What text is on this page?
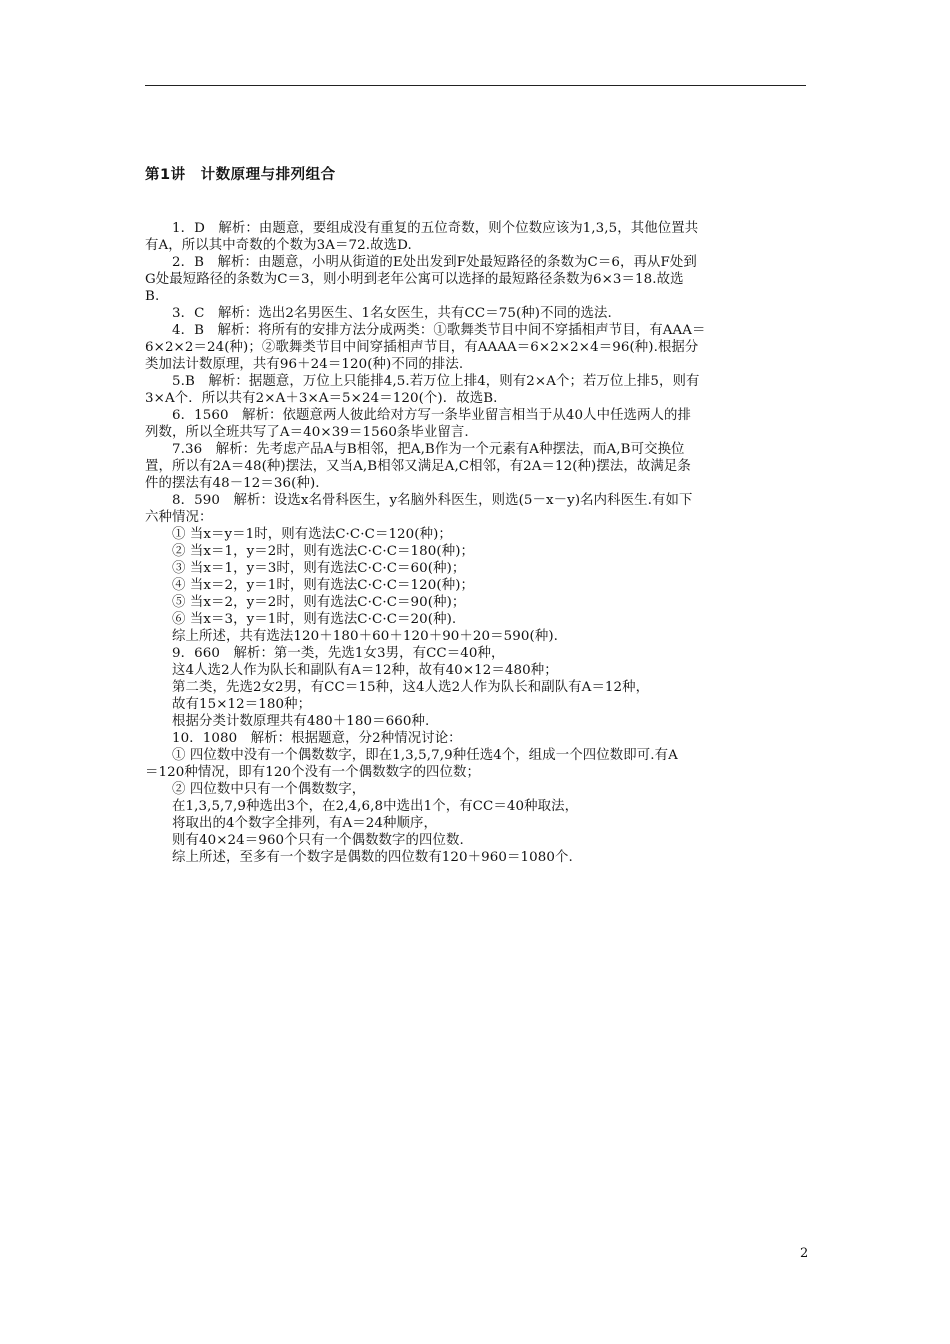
第1讲　计数原理与排列组合
1．D　解析：由题意，要组成没有重复的五位奇数，则个位数应该为1,3,5，其他位置共
有A，所以其中奇数的个数为3A＝72.故选D.
2．B　解析：由题意，小明从街道的E处出发到F处最短路径的条数为C＝6，再从F处到
G处最短路径的条数为C＝3，则小明到老年公寓可以选择的最短路径条数为6×3＝18.故选
B.
3．C　解析：选出2名男医生、1名女医生，共有CC＝75(种)不同的选法.
4．B　解析：将所有的安排方法分成两类：①歌舞类节目中间不穿插相声节目，有AAA＝
6×2×2＝24(种)；②歌舞类节目中间穿插相声节目，有AAAA＝6×2×2×4＝96(种).根据分
类加法计数原理，共有96＋24＝120(种)不同的排法.
5.B　解析：据题意，万位上只能排4,5.若万位上排4，则有2×A个；若万位上排5，则有
3×A个．所以共有2×A＋3×A＝5×24＝120(个)．故选B.
6．1560　解析：依题意两人彼此给对方写一条毕业留言相当于从40人中任选两人的排
列数，所以全班共写了A＝40×39＝1560条毕业留言.
7.36　解析：先考虑产品A与B相邻，把A,B作为一个元素有A种摆法，而A,B可交换位
置，所以有2A＝48(种)摆法，又当A,B相邻又满足A,C相邻，有2A＝12(种)摆法，故满足条
件的摆法有48－12＝36(种).
8．590　解析：设选x名骨科医生，y名脑外科医生，则选(5－x－y)名内科医生.有如下
六种情况：
① 当x＝y＝1时，则有选法C·C·C＝120(种)；
② 当x＝1，y＝2时，则有选法C·C·C＝180(种)；
③ 当x＝1，y＝3时，则有选法C·C·C＝60(种)；
④ 当x＝2，y＝1时，则有选法C·C·C＝120(种)；
⑤ 当x＝2，y＝2时，则有选法C·C·C＝90(种)；
⑥ 当x＝3，y＝1时，则有选法C·C·C＝20(种).
综上所述，共有选法120＋180＋60＋120＋90＋20＝590(种).
9．660　解析：第一类，先选1女3男，有CC＝40种，
这4人选2人作为队长和副队有A＝12种，故有40×12＝480种；
第二类，先选2女2男，有CC＝15种，这4人选2人作为队长和副队有A＝12种，
故有15×12＝180种；
根据分类计数原理共有480＋180＝660种.
10．1080　解析：根据题意，分2种情况讨论：
① 四位数中没有一个偶数数字，即在1,3,5,7,9种任选4个，组成一个四位数即可.有A
＝120种情况，即有120个没有一个偶数数字的四位数；
② 四位数中只有一个偶数数字，
在1,3,5,7,9种选出3个，在2,4,6,8中选出1个，有CC＝40种取法，
将取出的4个数字全排列，有A＝24种顺序，
则有40×24＝960个只有一个偶数数字的四位数.
综上所述，至多有一个数字是偶数的四位数有120＋960＝1080个.
2
